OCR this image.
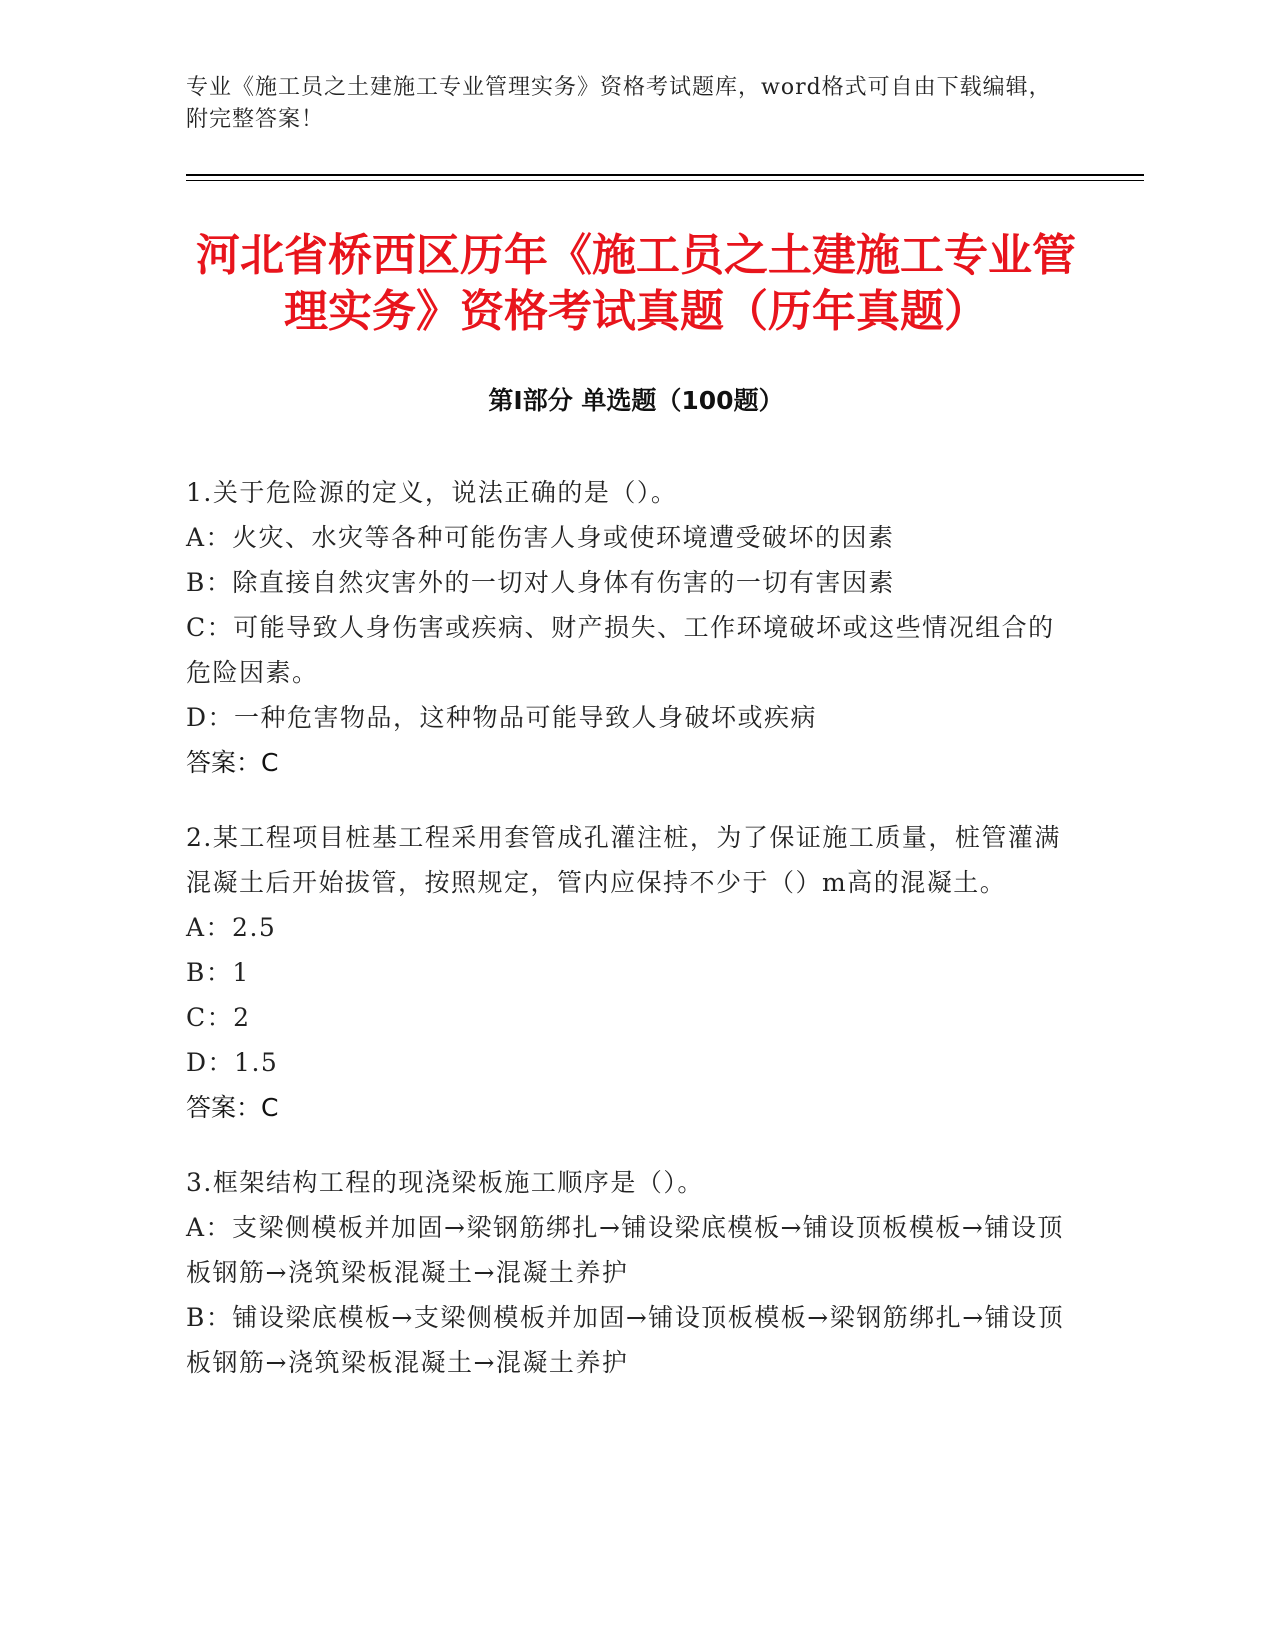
专业《施工员之土建施工专业管理实务》资格考试题库，word格式可自由下载编辑，附完整答案！
河北省桥西区历年《施工员之土建施工专业管理实务》资格考试真题（历年真题）
第Ⅰ部分 单选题（100题）
1.关于危险源的定义，说法正确的是（）。
A：火灾、水灾等各种可能伤害人身或使环境遭受破坏的因素
B：除直接自然灾害外的一切对人身体有伤害的一切有害因素
C：可能导致人身伤害或疾病、财产损失、工作环境破坏或这些情况组合的危险因素。
D：一种危害物品，这种物品可能导致人身破坏或疾病
答案：C
2.某工程项目桩基工程采用套管成孔灌注桩，为了保证施工质量，桩管灌满混凝土后开始拔管，按照规定，管内应保持不少于（）m高的混凝土。
A：2.5
B：1
C：2
D：1.5
答案：C
3.框架结构工程的现浇梁板施工顺序是（）。
A：支梁侧模板并加固→梁钢筋绑扎→铺设梁底模板→铺设顶板模板→铺设顶板钢筋→浇筑梁板混凝土→混凝土养护
B：铺设梁底模板→支梁侧模板并加固→铺设顶板模板→梁钢筋绑扎→铺设顶板钢筋→浇筑梁板混凝土→混凝土养护
